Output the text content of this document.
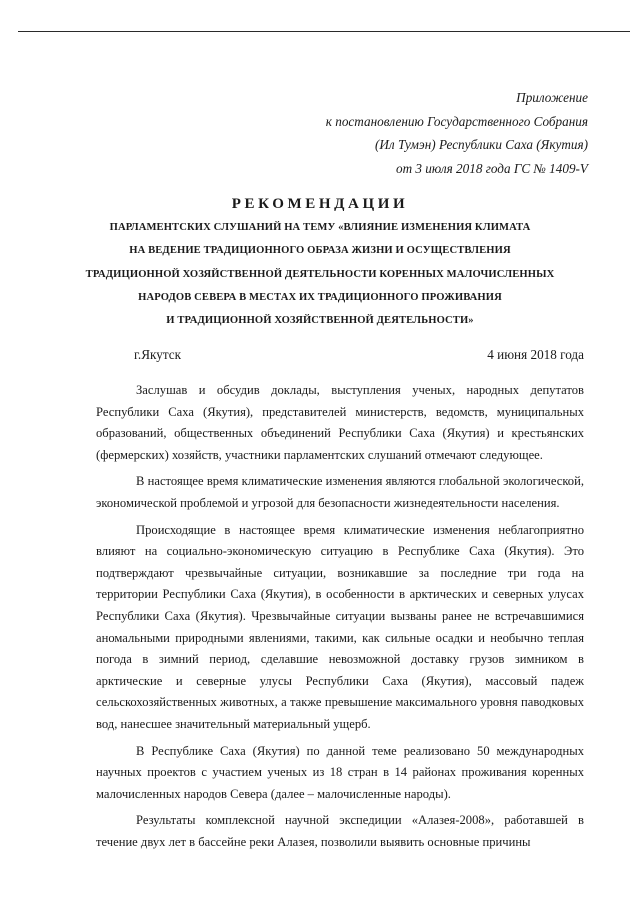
Приложение
к постановлению Государственного Собрания
(Ил Тумэн) Республики Саха (Якутия)
от 3 июля 2018 года ГС № 1409-V
РЕКОМЕНДАЦИИ
ПАРЛАМЕНТСКИХ СЛУШАНИЙ НА ТЕМУ «ВЛИЯНИЕ ИЗМЕНЕНИЯ КЛИМАТА
НА ВЕДЕНИЕ ТРАДИЦИОННОГО ОБРАЗА ЖИЗНИ И ОСУЩЕСТВЛЕНИЯ
ТРАДИЦИОННОЙ ХОЗЯЙСТВЕННОЙ ДЕЯТЕЛЬНОСТИ КОРЕННЫХ МАЛОЧИСЛЕННЫХ
НАРОДОВ СЕВЕРА В МЕСТАХ ИХ ТРАДИЦИОННОГО ПРОЖИВАНИЯ
И ТРАДИЦИОННОЙ ХОЗЯЙСТВЕННОЙ ДЕЯТЕЛЬНОСТИ»
г.Якутск	4 июня 2018 года

Заслушав и обсудив доклады, выступления ученых, народных депутатов Республики Саха (Якутия), представителей министерств, ведомств, муниципальных образований, общественных объединений Республики Саха (Якутия) и крестьянских (фермерских) хозяйств, участники парламентских слушаний отмечают следующее.

В настоящее время климатические изменения являются глобальной экологической, экономической проблемой и угрозой для безопасности жизнедеятельности населения.

Происходящие в настоящее время климатические изменения неблагоприятно влияют на социально-экономическую ситуацию в Республике Саха (Якутия). Это подтверждают чрезвычайные ситуации, возникавшие за последние три года на территории Республики Саха (Якутия), в особенности в арктических и северных улусах Республики Саха (Якутия). Чрезвычайные ситуации вызваны ранее не встречавшимися аномальными природными явлениями, такими, как сильные осадки и необычно теплая погода в зимний период, сделавшие невозможной доставку грузов зимником в арктические и северные улусы Республики Саха (Якутия), массовый падеж сельскохозяйственных животных, а также превышение максимального уровня паводковых вод, нанесшее значительный материальный ущерб.

В Республике Саха (Якутия) по данной теме реализовано 50 международных научных проектов с участием ученых из 18 стран в 14 районах проживания коренных малочисленных народов Севера (далее – малочисленные народы).

Результаты комплексной научной экспедиции «Алазея-2008», работавшей в течение двух лет в бассейне реки Алазея, позволили выявить основные причины
